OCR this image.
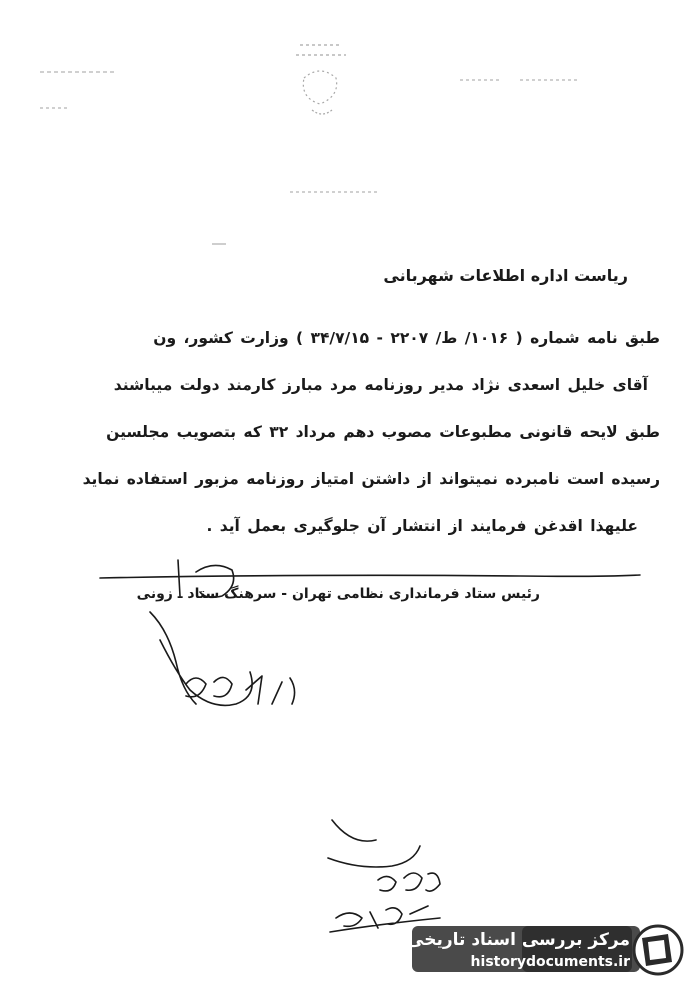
ریاست اداره اطلاعات شهربانی
طبق نامه شماره ( ۱۰۱۶/ ط/ ۲۲۰۷ - ۳۴/۷/۱۵ ) وزارت کشور، ون
آقای خلیل اسعدی نژاد مدیر روزنامه مرد مبارز کارمند دولت میباشند
طبق لایحه قانونی مطبوعات مصوب دهم مرداد ۳۲ که بتصویب مجلسین
رسیده است نامبرده نمیتواند از داشتن امتیاز روزنامه مزبور استفاده نماید
علیهذا اقدغن فرمایند از انتشار آن جلوگیری بعمل آید .
رئیس ستاد فرمانداری نظامی تهران - سرهنگ ستاد ـ زونی
مرکز بررسی اسناد تاریخی
historydocuments.ir
